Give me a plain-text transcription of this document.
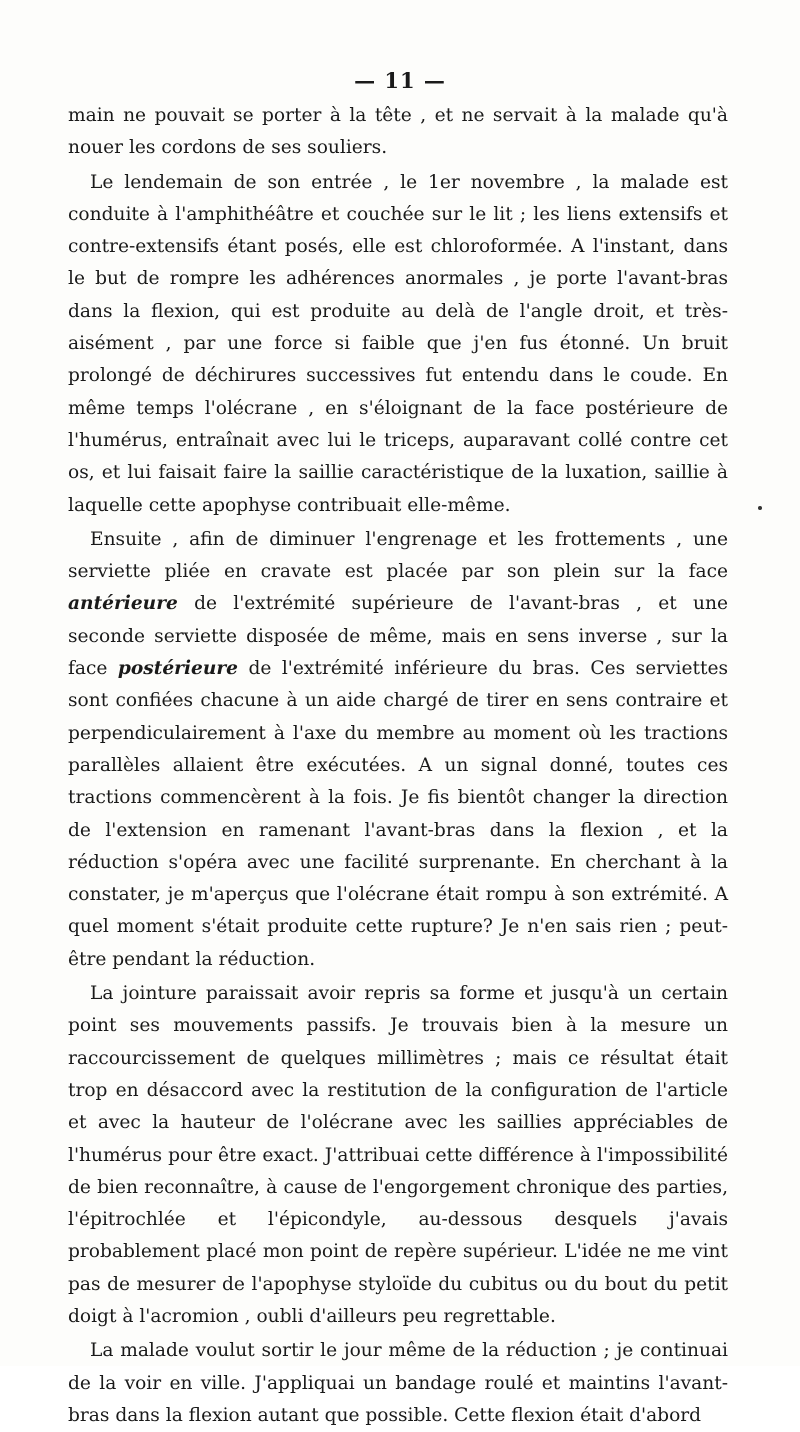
— 11 —

main ne pouvait se porter à la tête , et ne servait à la malade qu'à nouer les cordons de ses souliers.

Le lendemain de son entrée , le 1er novembre , la malade est conduite à l'amphithéâtre et couchée sur le lit ; les liens extensifs et contre-extensifs étant posés, elle est chloroformée. A l'instant, dans le but de rompre les adhérences anormales , je porte l'avant-bras dans la flexion, qui est produite au delà de l'angle droit, et très-aisément , par une force si faible que j'en fus étonné. Un bruit prolongé de déchirures successives fut entendu dans le coude. En même temps l'olécrane , en s'éloignant de la face postérieure de l'humérus, entraînait avec lui le triceps, auparavant collé contre cet os, et lui faisait faire la saillie caractéristique de la luxation, saillie à laquelle cette apophyse contribuait elle-même.

Ensuite , afin de diminuer l'engrenage et les frottements , une serviette pliée en cravate est placée par son plein sur la face antérieure de l'extrémité supérieure de l'avant-bras , et une seconde serviette disposée de même, mais en sens inverse , sur la face postérieure de l'extrémité inférieure du bras. Ces serviettes sont confiées chacune à un aide chargé de tirer en sens contraire et perpendiculairement à l'axe du membre au moment où les tractions parallèles allaient être exécutées. A un signal donné, toutes ces tractions commencèrent à la fois. Je fis bientôt changer la direction de l'extension en ramenant l'avant-bras dans la flexion , et la réduction s'opéra avec une facilité surprenante. En cherchant à la constater, je m'aperçus que l'olécrane était rompu à son extrémité. A quel moment s'était produite cette rupture? Je n'en sais rien ; peut-être pendant la réduction.

La jointure paraissait avoir repris sa forme et jusqu'à un certain point ses mouvements passifs. Je trouvais bien à la mesure un raccourcissement de quelques millimètres ; mais ce résultat était trop en désaccord avec la restitution de la configuration de l'article et avec la hauteur de l'olécrane avec les saillies appréciables de l'humérus pour être exact. J'attribuai cette différence à l'impossibilité de bien reconnaître, à cause de l'engorgement chronique des parties, l'épitrochlée et l'épicondyle, au-dessous desquels j'avais probablement placé mon point de repère supérieur. L'idée ne me vint pas de mesurer de l'apophyse styloïde du cubitus ou du bout du petit doigt à l'acromion , oubli d'ailleurs peu regrettable.

La malade voulut sortir le jour même de la réduction ; je continuai de la voir en ville. J'appliquai un bandage roulé et maintins l'avant-bras dans la flexion autant que possible. Cette flexion était d'abord
